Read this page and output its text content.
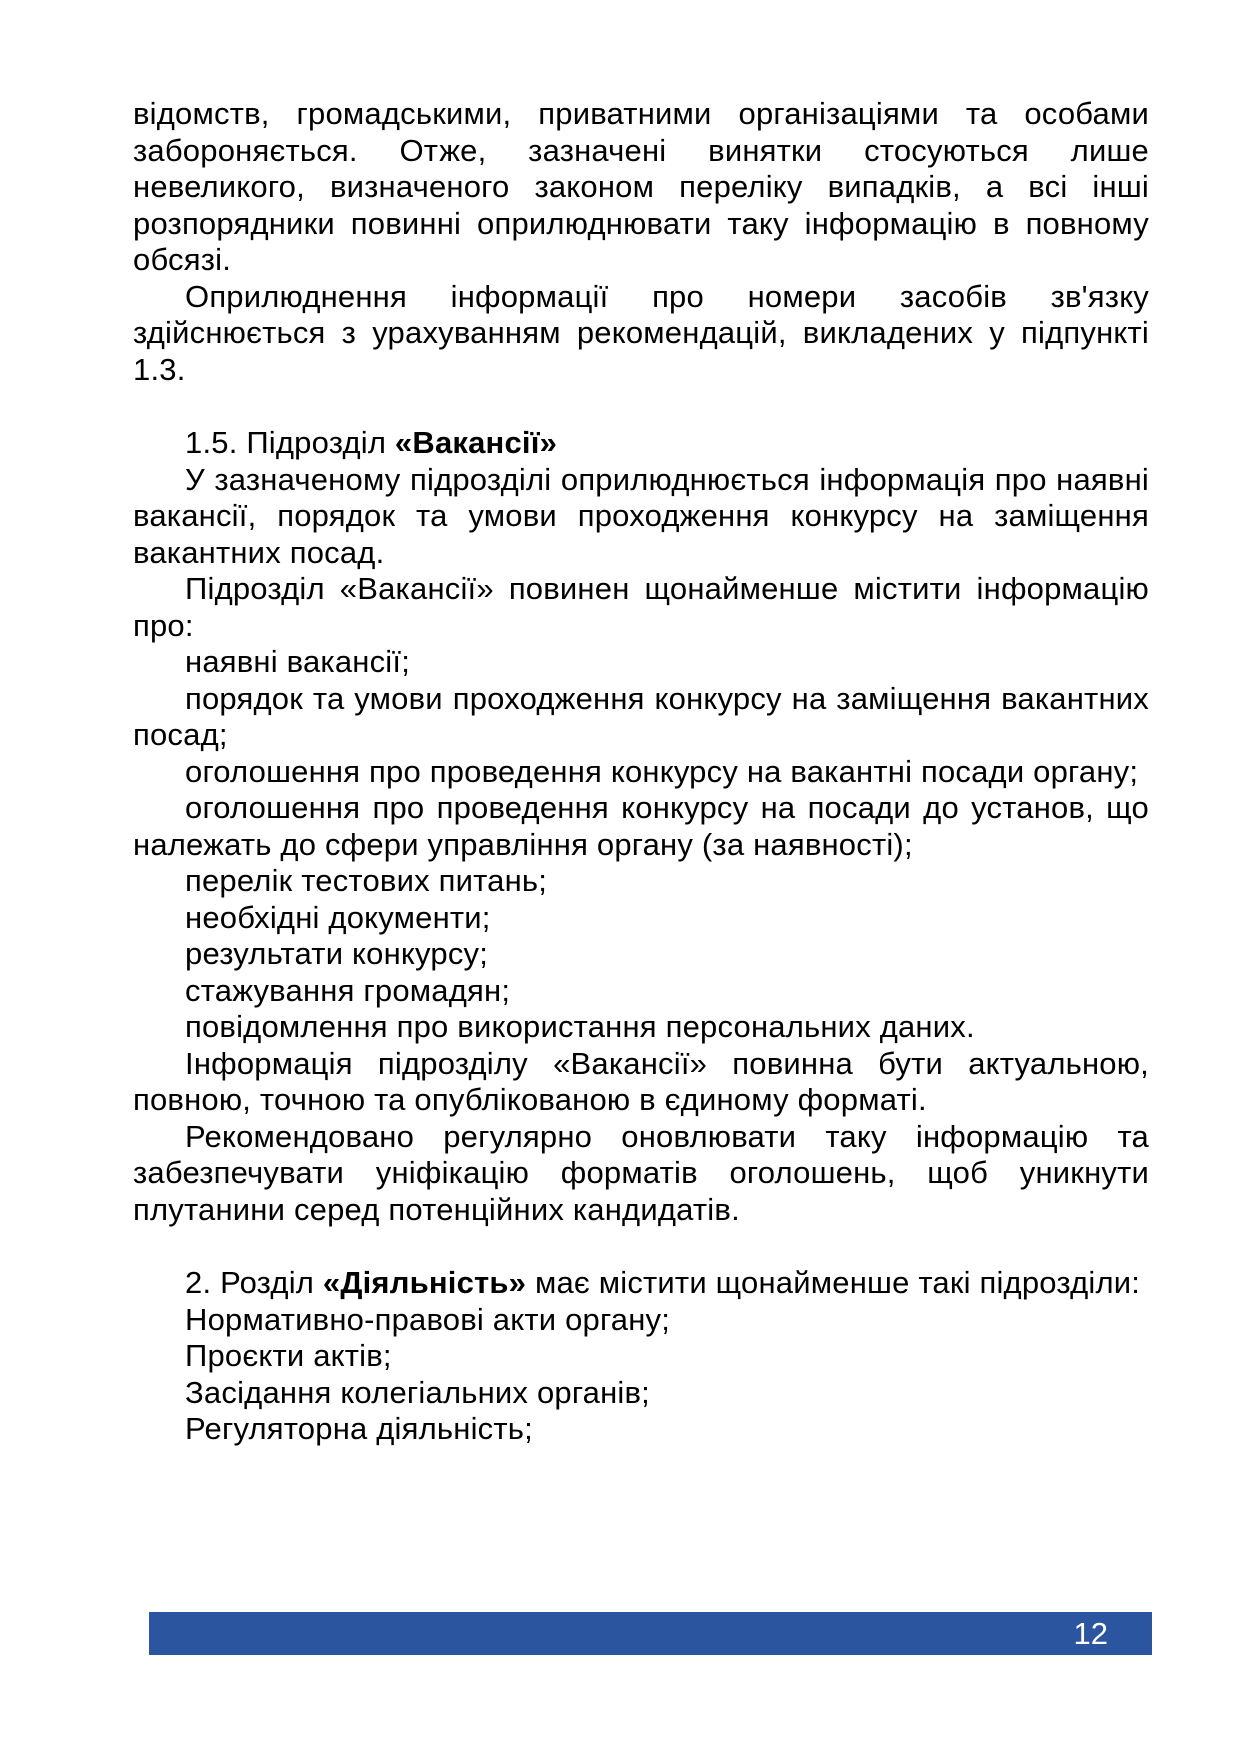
відомств, громадськими, приватними організаціями та особами забороняється. Отже, зазначені винятки стосуються лише невеликого, визначеного законом переліку випадків, а всі інші розпорядники повинні оприлюднювати таку інформацію в повному обсязі.

Оприлюднення інформації про номери засобів зв'язку здійснюється з урахуванням рекомендацій, викладених у підпункті 1.3.

1.5. Підрозділ «Вакансії»

У зазначеному підрозділі оприлюднюється інформація про наявні вакансії, порядок та умови проходження конкурсу на заміщення вакантних посад.

Підрозділ «Вакансії» повинен щонайменше містити інформацію про:

наявні вакансії;

порядок та умови проходження конкурсу на заміщення вакантних посад;

оголошення про проведення конкурсу на вакантні посади органу;

оголошення про проведення конкурсу на посади до установ, що належать до сфери управління органу (за наявності);

перелік тестових питань;

необхідні документи;

результати конкурсу;

стажування громадян;

повідомлення про використання персональних даних.

Інформація підрозділу «Вакансії» повинна бути актуальною, повною, точною та опублікованою в єдиному форматі.

Рекомендовано регулярно оновлювати таку інформацію та забезпечувати уніфікацію форматів оголошень, щоб уникнути плутанини серед потенційних кандидатів.

2. Розділ «Діяльність» має містити щонайменше такі підрозділи:

Нормативно-правові акти органу;

Проєкти актів;

Засідання колегіальних органів;

Регуляторна діяльність;

12
